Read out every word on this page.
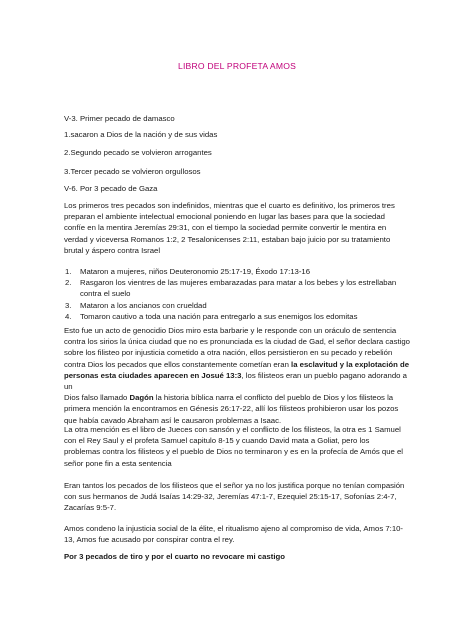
LIBRO DEL PROFETA AMOS

V-3. Primer pecado de damasco

1.sacaron a Dios de la nación y de sus vidas

2.Segundo pecado se volvieron arrogantes

3.Tercer pecado se volvieron orgullosos

V-6. Por 3 pecado de Gaza

Los primeros tres pecados son indefinidos, mientras que el cuarto es definitivo, los primeros tres
preparan el ambiente intelectual emocional poniendo en lugar las bases para que la sociedad
confíe en la mentira Jeremías 29:31, con el tiempo la sociedad permite convertir le mentira en
verdad y viceversa Romanos 1:2, 2 Tesalonicenses 2:11, estaban bajo juicio por su tratamiento
brutal y áspero contra Israel

1. Mataron a mujeres, niños Deuteronomio 25:17-19, Éxodo 17:13-16
2. Rasgaron los vientres de las mujeres embarazadas para matar a los bebes y los estrellaban
contra el suelo
3. Mataron a los ancianos con crueldad
4. Tomaron cautivo a toda una nación para entregarlo a sus enemigos los edomitas

Esto fue un acto de genocidio Dios miro esta barbarie y le responde con un oráculo de sentencia
contra los sirios la única ciudad que no es pronunciada es la ciudad de Gad, el señor declara castigo
sobre los filisteo por injusticia cometido a otra nación, ellos persistieron en su pecado y rebelión
contra Dios los pecados que ellos constantemente cometían eran la esclavitud y la explotación de
personas esta ciudades aparecen en Josué 13:3, los filisteos eran un pueblo pagano adorando a un
Dios falso llamado Dagón la historia bíblica narra el conflicto del pueblo de Dios y los filisteos la
primera mención la encontramos en Génesis 26:17-22, allí los filisteos prohibieron usar los pozos
que había cavado Abraham así le causaron problemas a Isaac.

La otra mención es el libro de Jueces con sansón y el conflicto de los filisteos, la otra es 1 Samuel
con el Rey Saul y el profeta Samuel capitulo 8-15 y cuando David mata a Goliat, pero los
problemas contra los filisteos y el pueblo de Dios no terminaron y es en la profecía de Amós que el
señor pone fin a esta sentencia

Eran tantos los pecados de los filisteos que el señor ya no los justifica porque no tenían compasión
con sus hermanos de Judá Isaías 14:29-32, Jeremías 47:1-7, Ezequiel 25:15-17, Sofonías 2:4-7,
Zacarías 9:5-7.

Amos condeno la injusticia social de la élite, el ritualismo ajeno al compromiso de vida, Amos 7:10-
13, Amos fue acusado por conspirar contra el rey.

Por 3 pecados de tiro y por el cuarto no revocare mi castigo
